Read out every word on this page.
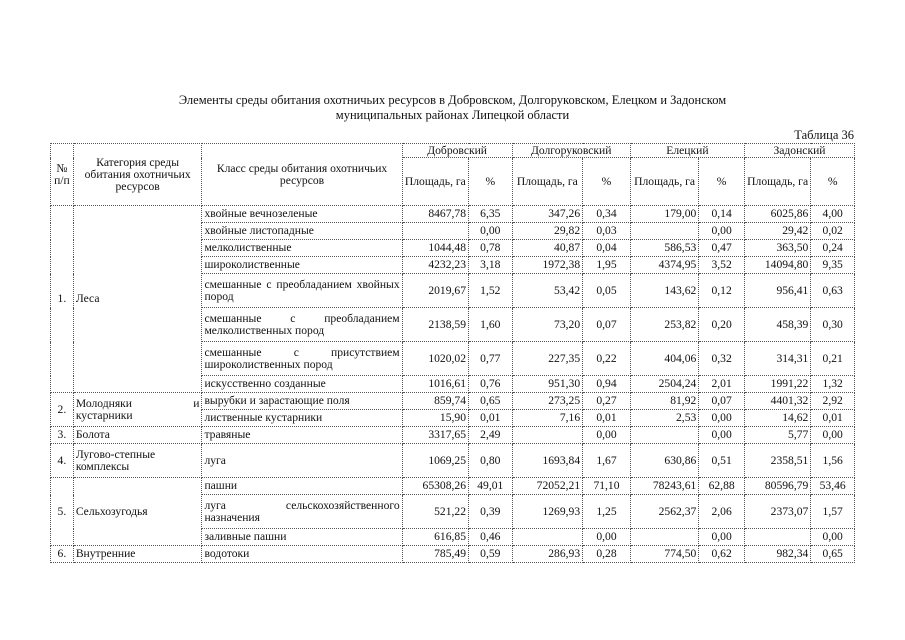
Элементы среды обитания охотничьих ресурсов в Добровском, Долгоруковском, Елецком и Задонском
муниципальных районах Липецкой области
Таблица 36
№ п/п	Категория среды обитания охотничьих ресурсов	Класс среды обитания охотничьих ресурсов	Добровский		Долгоруковский		Елецкий		Задонский	
			Площадь, га	%	Площадь, га	%	Площадь, га	%	Площадь, га	%
1.	Леса	хвойные вечнозеленые	8467,78	6,35	347,26	0,34	179,00	0,14	6025,86	4,00
		хвойные листопадные		0,00	29,82	0,03		0,00	29,42	0,02
		мелколиственные	1044,48	0,78	40,87	0,04	586,53	0,47	363,50	0,24
		широколиственные	4232,23	3,18	1972,38	1,95	4374,95	3,52	14094,80	9,35
		смешанные с преобладанием хвойных пород	2019,67	1,52	53,42	0,05	143,62	0,12	956,41	0,63
		смешанные с преобладанием мелколиственных пород	2138,59	1,60	73,20	0,07	253,82	0,20	458,39	0,30
		смешанные с присутствием широколиственных пород	1020,02	0,77	227,35	0,22	404,06	0,32	314,31	0,21
		искусственно созданные	1016,61	0,76	951,30	0,94	2504,24	2,01	1991,22	1,32
2.	Молодняки и кустарники	вырубки и зарастающие поля	859,74	0,65	273,25	0,27	81,92	0,07	4401,32	2,92
		лиственные кустарники	15,90	0,01	7,16	0,01	2,53	0,00	14,62	0,01
3.	Болота	травяные	3317,65	2,49		0,00		0,00	5,77	0,00
4.	Лугово-степные комплексы	луга	1069,25	0,80	1693,84	1,67	630,86	0,51	2358,51	1,56
5.	Сельхозугодья	пашни	65308,26	49,01	72052,21	71,10	78243,61	62,88	80596,79	53,46
		луга сельскохозяйственного назначения	521,22	0,39	1269,93	1,25	2562,37	2,06	2373,07	1,57
		заливные пашни	616,85	0,46		0,00		0,00		0,00
6.	Внутренние	водотоки	785,49	0,59	286,93	0,28	774,50	0,62	982,34	0,65
